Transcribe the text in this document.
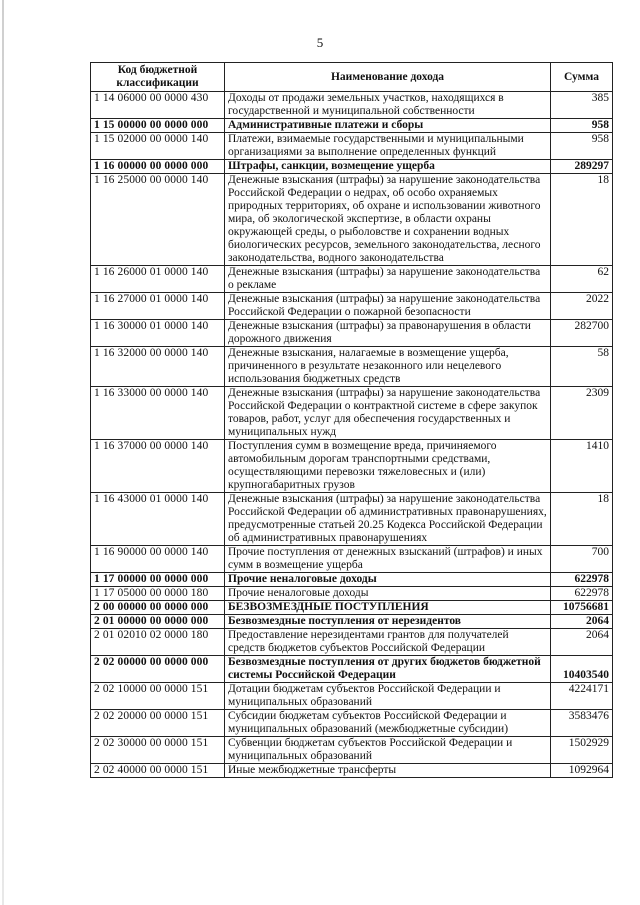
5
Код бюджетной классификации	Наименование дохода	Сумма
1 14 06000 00 0000 430	Доходы от продажи земельных участков, находящихся в государственной и муниципальной собственности	385
1 15 00000 00 0000 000	Административные платежи и сборы	958
1 15 02000 00 0000 140	Платежи, взимаемые государственными и муниципальными организациями за выполнение определенных функций	958
1 16 00000 00 0000 000	Штрафы, санкции, возмещение ущерба	289297
1 16 25000 00 0000 140	Денежные взыскания (штрафы) за нарушение законодательства Российской Федерации о недрах, об особо охраняемых природных территориях, об охране и использовании животного мира, об экологической экспертизе, в области охраны окружающей среды, о рыболовстве и сохранении водных биологических ресурсов, земельного законодательства, лесного законодательства, водного законодательства	18
1 16 26000 01 0000 140	Денежные взыскания (штрафы) за нарушение законодательства о рекламе	62
1 16 27000 01 0000 140	Денежные взыскания (штрафы) за нарушение законодательства Российской Федерации о пожарной безопасности	2022
1 16 30000 01 0000 140	Денежные взыскания (штрафы) за правонарушения в области дорожного движения	282700
1 16 32000 00 0000 140	Денежные взыскания, налагаемые в возмещение ущерба, причиненного в результате незаконного или нецелевого использования бюджетных средств	58
1 16 33000 00 0000 140	Денежные взыскания (штрафы) за нарушение законодательства Российской Федерации о контрактной системе в сфере закупок товаров, работ, услуг для обеспечения государственных и муниципальных нужд	2309
1 16 37000 00 0000 140	Поступления сумм в возмещение вреда, причиняемого автомобильным дорогам транспортными средствами, осуществляющими перевозки тяжеловесных и (или) крупногабаритных грузов	1410
1 16 43000 01 0000 140	Денежные взыскания (штрафы) за нарушение законодательства Российской Федерации об административных правонарушениях, предусмотренные статьей 20.25 Кодекса Российской Федерации об административных правонарушениях	18
1 16 90000 00 0000 140	Прочие поступления от денежных взысканий (штрафов) и иных сумм в возмещение ущерба	700
1 17 00000 00 0000 000	Прочие неналоговые доходы	622978
1 17 05000 00 0000 180	Прочие неналоговые доходы	622978
2 00 00000 00 0000 000	БЕЗВОЗМЕЗДНЫЕ ПОСТУПЛЕНИЯ	10756681
2 01 00000 00 0000 000	Безвозмездные поступления от нерезидентов	2064
2 01 02010 02 0000 180	Предоставление нерезидентами грантов для получателей средств бюджетов субъектов Российской Федерации	2064
2 02 00000 00 0000 000	Безвозмездные поступления от других бюджетов бюджетной системы Российской Федерации	10403540
2 02 10000 00 0000 151	Дотации бюджетам субъектов Российской Федерации и муниципальных образований	4224171
2 02 20000 00 0000 151	Субсидии бюджетам субъектов Российской Федерации и муниципальных образований (межбюджетные субсидии)	3583476
2 02 30000 00 0000 151	Субвенции бюджетам субъектов Российской Федерации и муниципальных образований	1502929
2 02 40000 00 0000 151	Иные межбюджетные трансферты	1092964
